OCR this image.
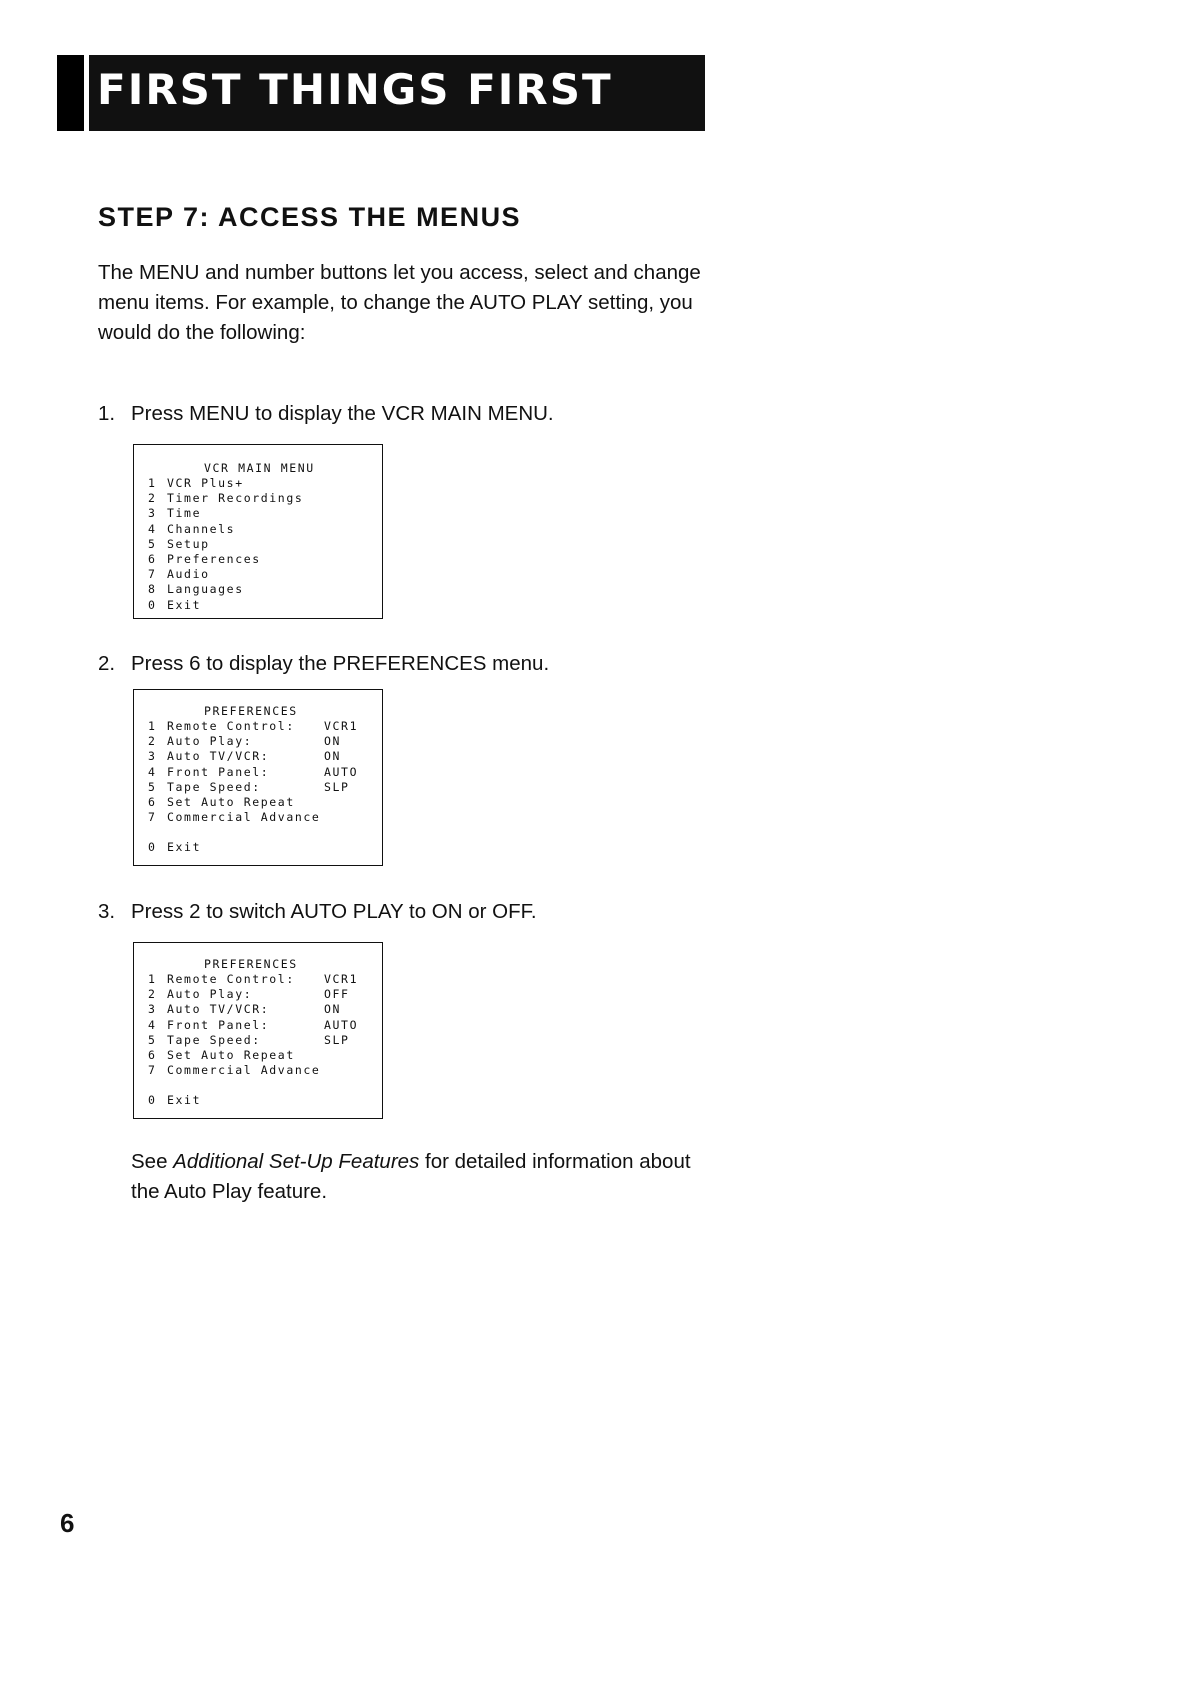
FIRST THINGS FIRST
STEP 7: ACCESS THE MENUS

The MENU and number buttons let you access, select and change menu items. For example, to change the AUTO PLAY setting, you would do the following:

1. Press MENU to display the VCR MAIN MENU.
VCR MAIN MENU
1 VCR Plus+
2 Timer Recordings
3 Time
4 Channels
5 Setup
6 Preferences
7 Audio
8 Languages
0 Exit
2. Press 6 to display the PREFERENCES menu.
PREFERENCES
1 Remote Control:	VCR1
2 Auto Play:	ON
3 Auto TV/VCR:	ON
4 Front Panel:	AUTO
5 Tape Speed:	SLP
6 Set Auto Repeat
7 Commercial Advance
0 Exit
3. Press 2 to switch AUTO PLAY to ON or OFF.
PREFERENCES
1 Remote Control:	VCR1
2 Auto Play:	OFF
3 Auto TV/VCR:	ON
4 Front Panel:	AUTO
5 Tape Speed:	SLP
6 Set Auto Repeat
7 Commercial Advance
0 Exit

See Additional Set-Up Features for detailed information about the Auto Play feature.

6
